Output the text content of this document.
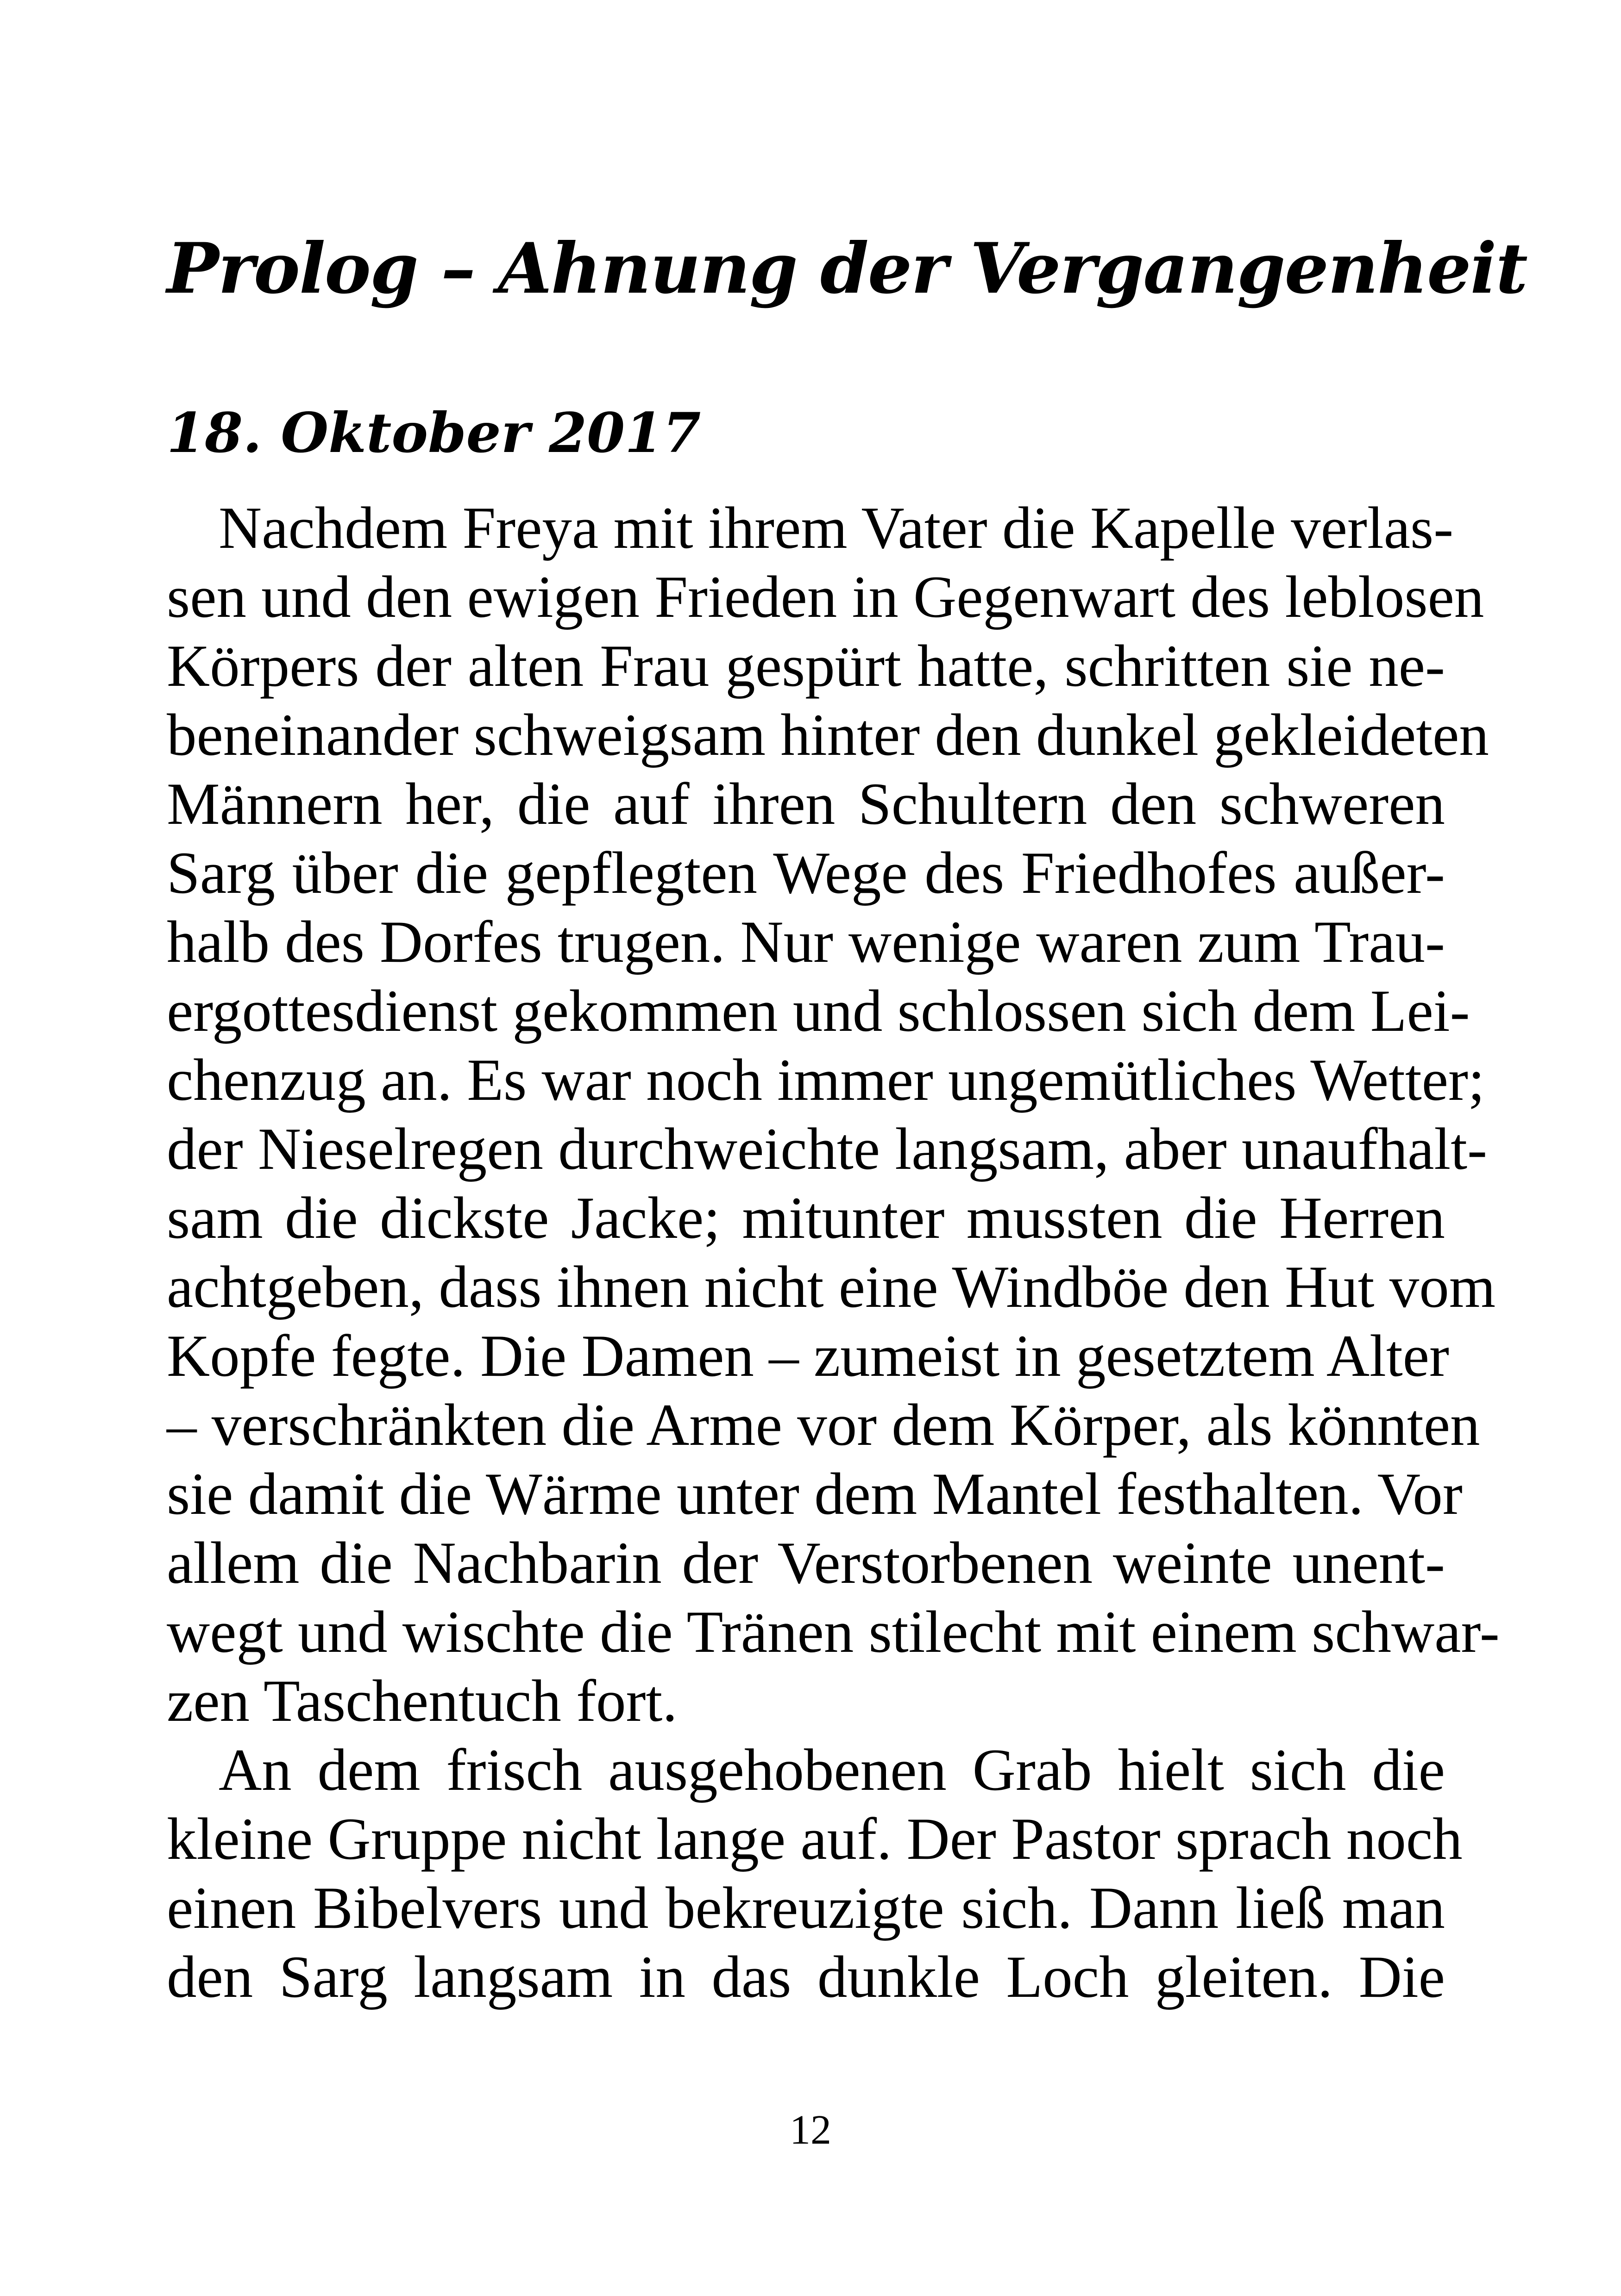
Prolog – Ahnung der Vergangenheit
18. Oktober 2017
Nachdem Freya mit ihrem Vater die Kapelle verlas-
sen und den ewigen Frieden in Gegenwart des leblosen
Körpers der alten Frau gespürt hatte, schritten sie ne-
beneinander schweigsam hinter den dunkel gekleideten
Männern her, die auf ihren Schultern den schweren
Sarg über die gepflegten Wege des Friedhofes außer-
halb des Dorfes trugen. Nur wenige waren zum Trau-
ergottesdienst gekommen und schlossen sich dem Lei-
chenzug an. Es war noch immer ungemütliches Wetter;
der Nieselregen durchweichte langsam, aber unaufhalt-
sam die dickste Jacke; mitunter mussten die Herren
achtgeben, dass ihnen nicht eine Windböe den Hut vom
Kopfe fegte. Die Damen – zumeist in gesetztem Alter
– verschränkten die Arme vor dem Körper, als könnten
sie damit die Wärme unter dem Mantel festhalten. Vor
allem die Nachbarin der Verstorbenen weinte unent-
wegt und wischte die Tränen stilecht mit einem schwar-
zen Taschentuch fort.
An dem frisch ausgehobenen Grab hielt sich die
kleine Gruppe nicht lange auf. Der Pastor sprach noch
einen Bibelvers und bekreuzigte sich. Dann ließ man
den Sarg langsam in das dunkle Loch gleiten. Die
12
